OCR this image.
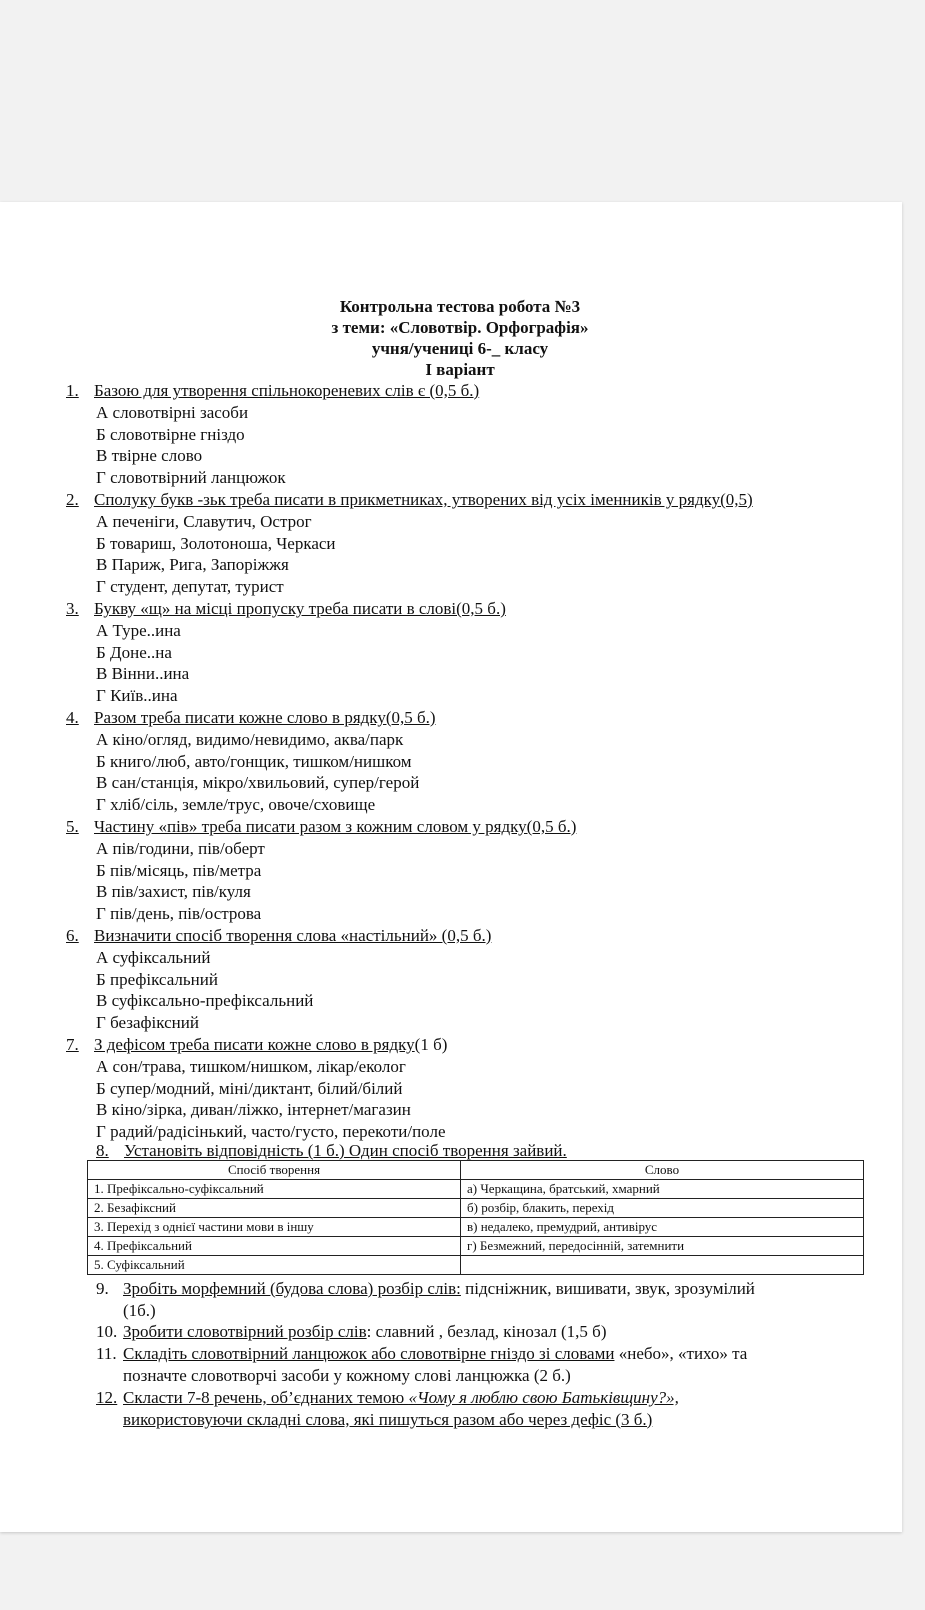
Контрольна тестова робота №3
з теми: «Словотвір. Орфографія»
учня/учениці 6-_ класу
І варіант
1. Базою для утворення спільнокореневих слів є (0,5 б.)
А словотвірні засоби
Б словотвірне гніздо
В твірне слово
Г словотвірний ланцюжок
2. Сполуку букв -зьк треба писати в прикметниках, утворених від усіх іменників у рядку(0,5)
А печеніги, Славутич, Острог
Б товариш, Золотоноша, Черкаси
В Париж, Рига, Запоріжжя
Г студент, депутат, турист
3. Букву «щ» на місці пропуску треба писати в слові(0,5 б.)
А Туре..ина
Б Доне..на
В Вінни..ина
Г Київ..ина
4. Разом треба писати кожне слово в рядку(0,5 б.)
А кіно/огляд, видимо/невидимо, аква/парк
Б книго/люб, авто/гонщик, тишком/нишком
В сан/станція, мікро/хвильовий, супер/герой
Г хліб/сіль, земле/трус, овоче/сховище
5. Частину «пів» треба писати разом з кожним словом у рядку(0,5 б.)
А пів/години, пів/оберт
Б пів/місяць, пів/метра
В пів/захист, пів/куля
Г пів/день, пів/острова
6. Визначити спосіб творення слова «настільний» (0,5 б.)
А суфіксальний
Б префіксальний
В суфіксально-префіксальний
Г безафіксний
7. З дефісом треба писати кожне слово в рядку(1 б)
А сон/трава, тишком/нишком, лікар/еколог
Б супер/модний, міні/диктант, білий/білий
В кіно/зірка, диван/ліжко, інтернет/магазин
Г радий/радісінький, часто/густо, перекоти/поле
8. Установіть відповідність (1 б.) Один спосіб творення зайвий.
Спосіб творення	Слово
1. Префіксально-суфіксальний	а) Черкащина, братський, хмарний
2. Безафіксний	б) розбір, блакить, перехід
3. Перехід з однієї частини мови в іншу	в) недалеко, премудрий, антивірус
4. Префіксальний	г) Безмежний, передосінній, затемнити
5. Суфіксальний	
9. Зробіть морфемний (будова слова) розбір слів: підсніжник, вишивати, звук, зрозумілий
(1б.)
10. Зробити словотвірний розбір слів: славний , безлад, кінозал (1,5 б)
11. Складіть словотвірний ланцюжок або словотвірне гніздо зі словами «небо», «тихо» та
позначте словотворчі засоби у кожному слові ланцюжка (2 б.)
12. Скласти 7-8 речень, об’єднаних темою «Чому я люблю свою Батьківщину?»,
використовуючи складні слова, які пишуться разом або через дефіс (3 б.)
